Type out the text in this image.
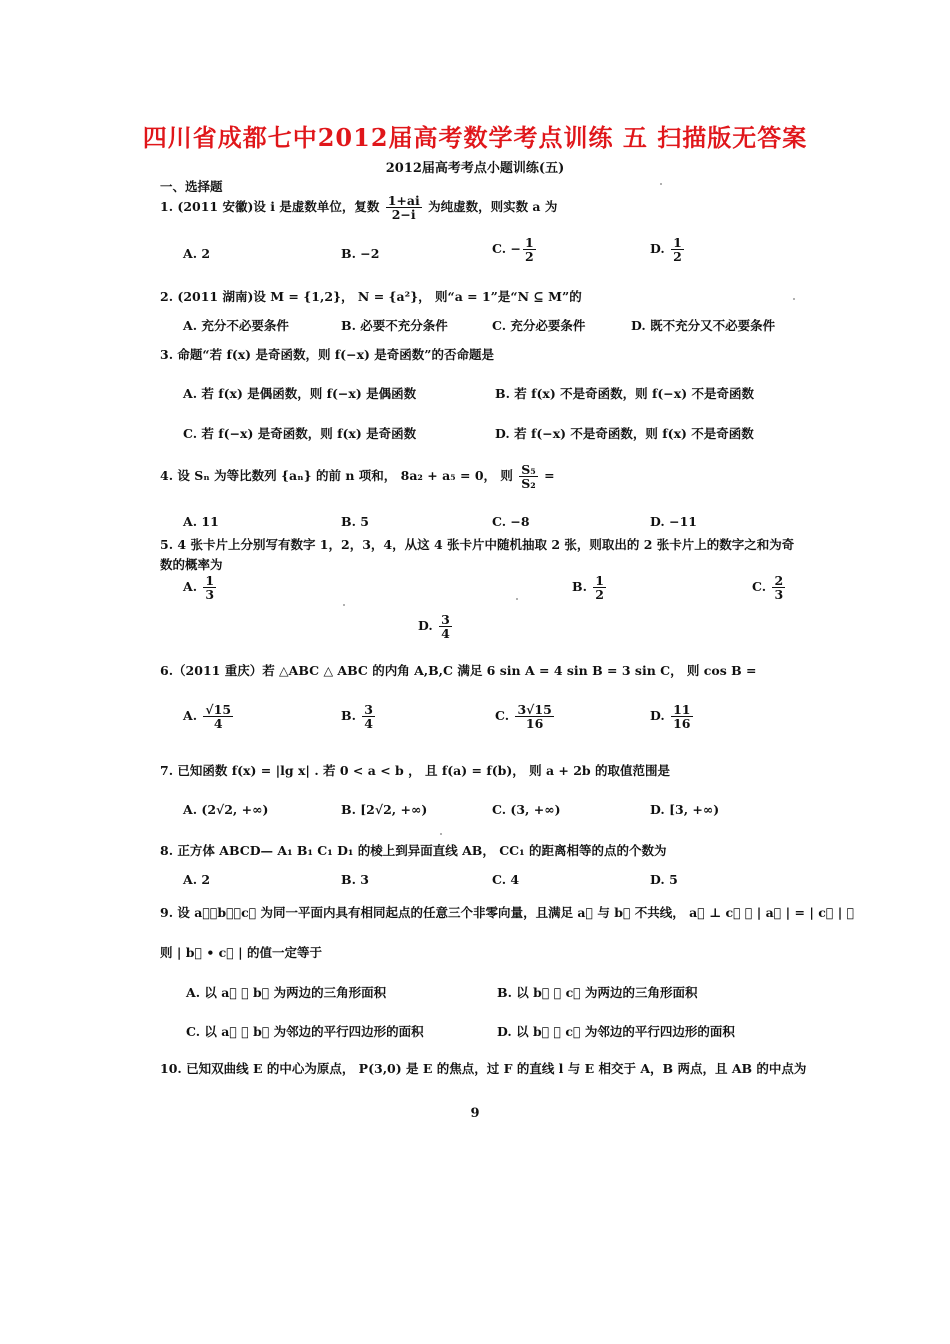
四川省成都七中2012届高考数学考点训练 五 扫描版无答案
2012届高考考点小题训练(五)
一、选择题
1. (2011 安徽)设 i 是虚数单位，复数 $\frac{1+ai}{2-i}$ 为纯虚数，则实数 a 为
A. 2	B. −2	C. − $\frac{1}{2}$	D. $\frac{1}{2}$
2. (2011 湖南)设 M = {1,2}， N = {a²}， 则“a = 1”是“N ⊆ M”的
A. 充分不必要条件	B. 必要不充分条件	C. 充分必要条件	D. 既不充分又不必要条件
3. 命题“若 f(x) 是奇函数，则 f(−x) 是奇函数”的否命题是
A. 若 f(x) 是偶函数，则 f(−x) 是偶函数	B. 若 f(x) 不是奇函数，则 f(−x) 不是奇函数
C. 若 f(−x) 是奇函数，则 f(x) 是奇函数	D. 若 f(−x) 不是奇函数，则 f(x) 不是奇函数
4. 设 Sₙ 为等比数列 {aₙ} 的前 n 项和， 8a₂ + a₅ = 0， 则 $\frac{\text{S₅}}{\text{S₂}}$ =
A. 11	B. 5	C. −8	D. −11
5. 4 张卡片上分别写有数字 1，2，3，4，从这 4 张卡片中随机抽取 2 张，则取出的 2 张卡片上的数字之和为奇
数的概率为
A. $\frac{1}{3}$	B. $\frac{1}{2}$	C. $\frac{2}{3}$
D. $\frac{3}{4}$
6.（2011 重庆）若 △ABC △ ABC 的内角 A,B,C 满足 6 sin A = 4 sin B = 3 sin C， 则 cos B =
A. $\frac{√15}{4}$	B. $\frac{3}{4}$	C. $\frac{3√15}{16}$	D. $\frac{11}{16}$
7. 已知函数 f(x) = |lg x| . 若 0 < a < b ， 且 f(a) = f(b)， 则 a + 2b 的取值范围是
A. (2√2, +∞)	B. [2√2, +∞)	C. (3, +∞)	D. [3, +∞)
8. 正方体 ABCD— A₁ B₁ C₁ D₁ 的棱上到异面直线 AB， CC₁ 的距离相等的点的个数为
A. 2	B. 3	C. 4	D. 5
9. 设 a⃗，b⃗，c⃗ 为同一平面内具有相同起点的任意三个非零向量，且满足 a⃗ 与 b⃗ 不共线， a⃗ ⊥ c⃗ ， | a⃗ | = | c⃗ | ，
则 | b⃗ • c⃗ | 的值一定等于
A. 以 a⃗ ， b⃗ 为两边的三角形面积	B. 以 b⃗ ， c⃗ 为两边的三角形面积
C. 以 a⃗ ， b⃗ 为邻边的平行四边形的面积	D. 以 b⃗ ， c⃗ 为邻边的平行四边形的面积
10. 已知双曲线 E 的中心为原点， P(3,0) 是 E 的焦点，过 F 的直线 l 与 E 相交于 A，B 两点，且 AB 的中点为
9
